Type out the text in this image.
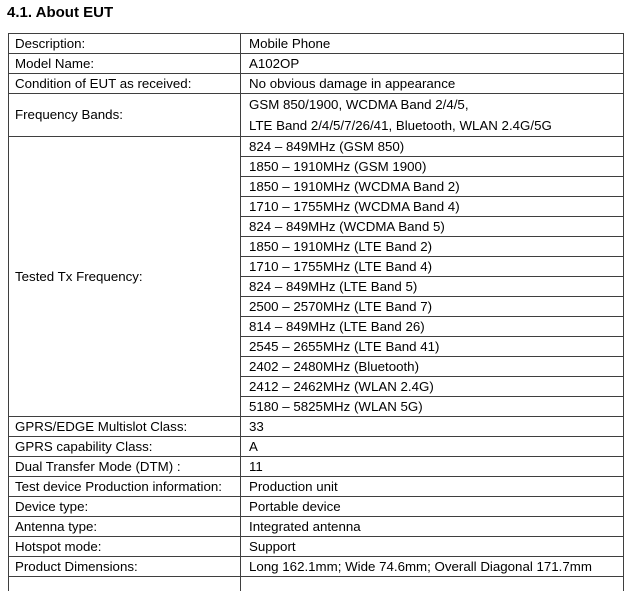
4.1. About EUT
Description:	Mobile Phone
Model Name:	A102OP
Condition of EUT as received:	No obvious damage in appearance
Frequency Bands:	GSM 850/1900, WCDMA Band 2/4/5,
LTE Band 2/4/5/7/26/41, Bluetooth, WLAN 2.4G/5G

Tested Tx Frequency:	824 – 849MHz (GSM 850)
	1850 – 1910MHz (GSM 1900)
	1850 – 1910MHz (WCDMA Band 2)
	1710 – 1755MHz (WCDMA Band 4)
	824 – 849MHz (WCDMA Band 5)
	1850 – 1910MHz (LTE Band 2)
	1710 – 1755MHz (LTE Band 4)
	824 – 849MHz (LTE Band 5)
	2500 – 2570MHz (LTE Band 7)
	814 – 849MHz (LTE Band 26)
	2545 – 2655MHz (LTE Band 41)
	2402 – 2480MHz (Bluetooth)
	2412 – 2462MHz (WLAN 2.4G)
	5180 – 5825MHz (WLAN 5G)
GPRS/EDGE Multislot Class:	33
GPRS capability Class:	A
Dual Transfer Mode (DTM) :	11
Test device Production information:	Production unit
Device type:	Portable device
Antenna type:	Integrated antenna
Hotspot mode:	Support
Product Dimensions:	Long 162.1mm; Wide 74.6mm; Overall Diagonal 171.7mm
